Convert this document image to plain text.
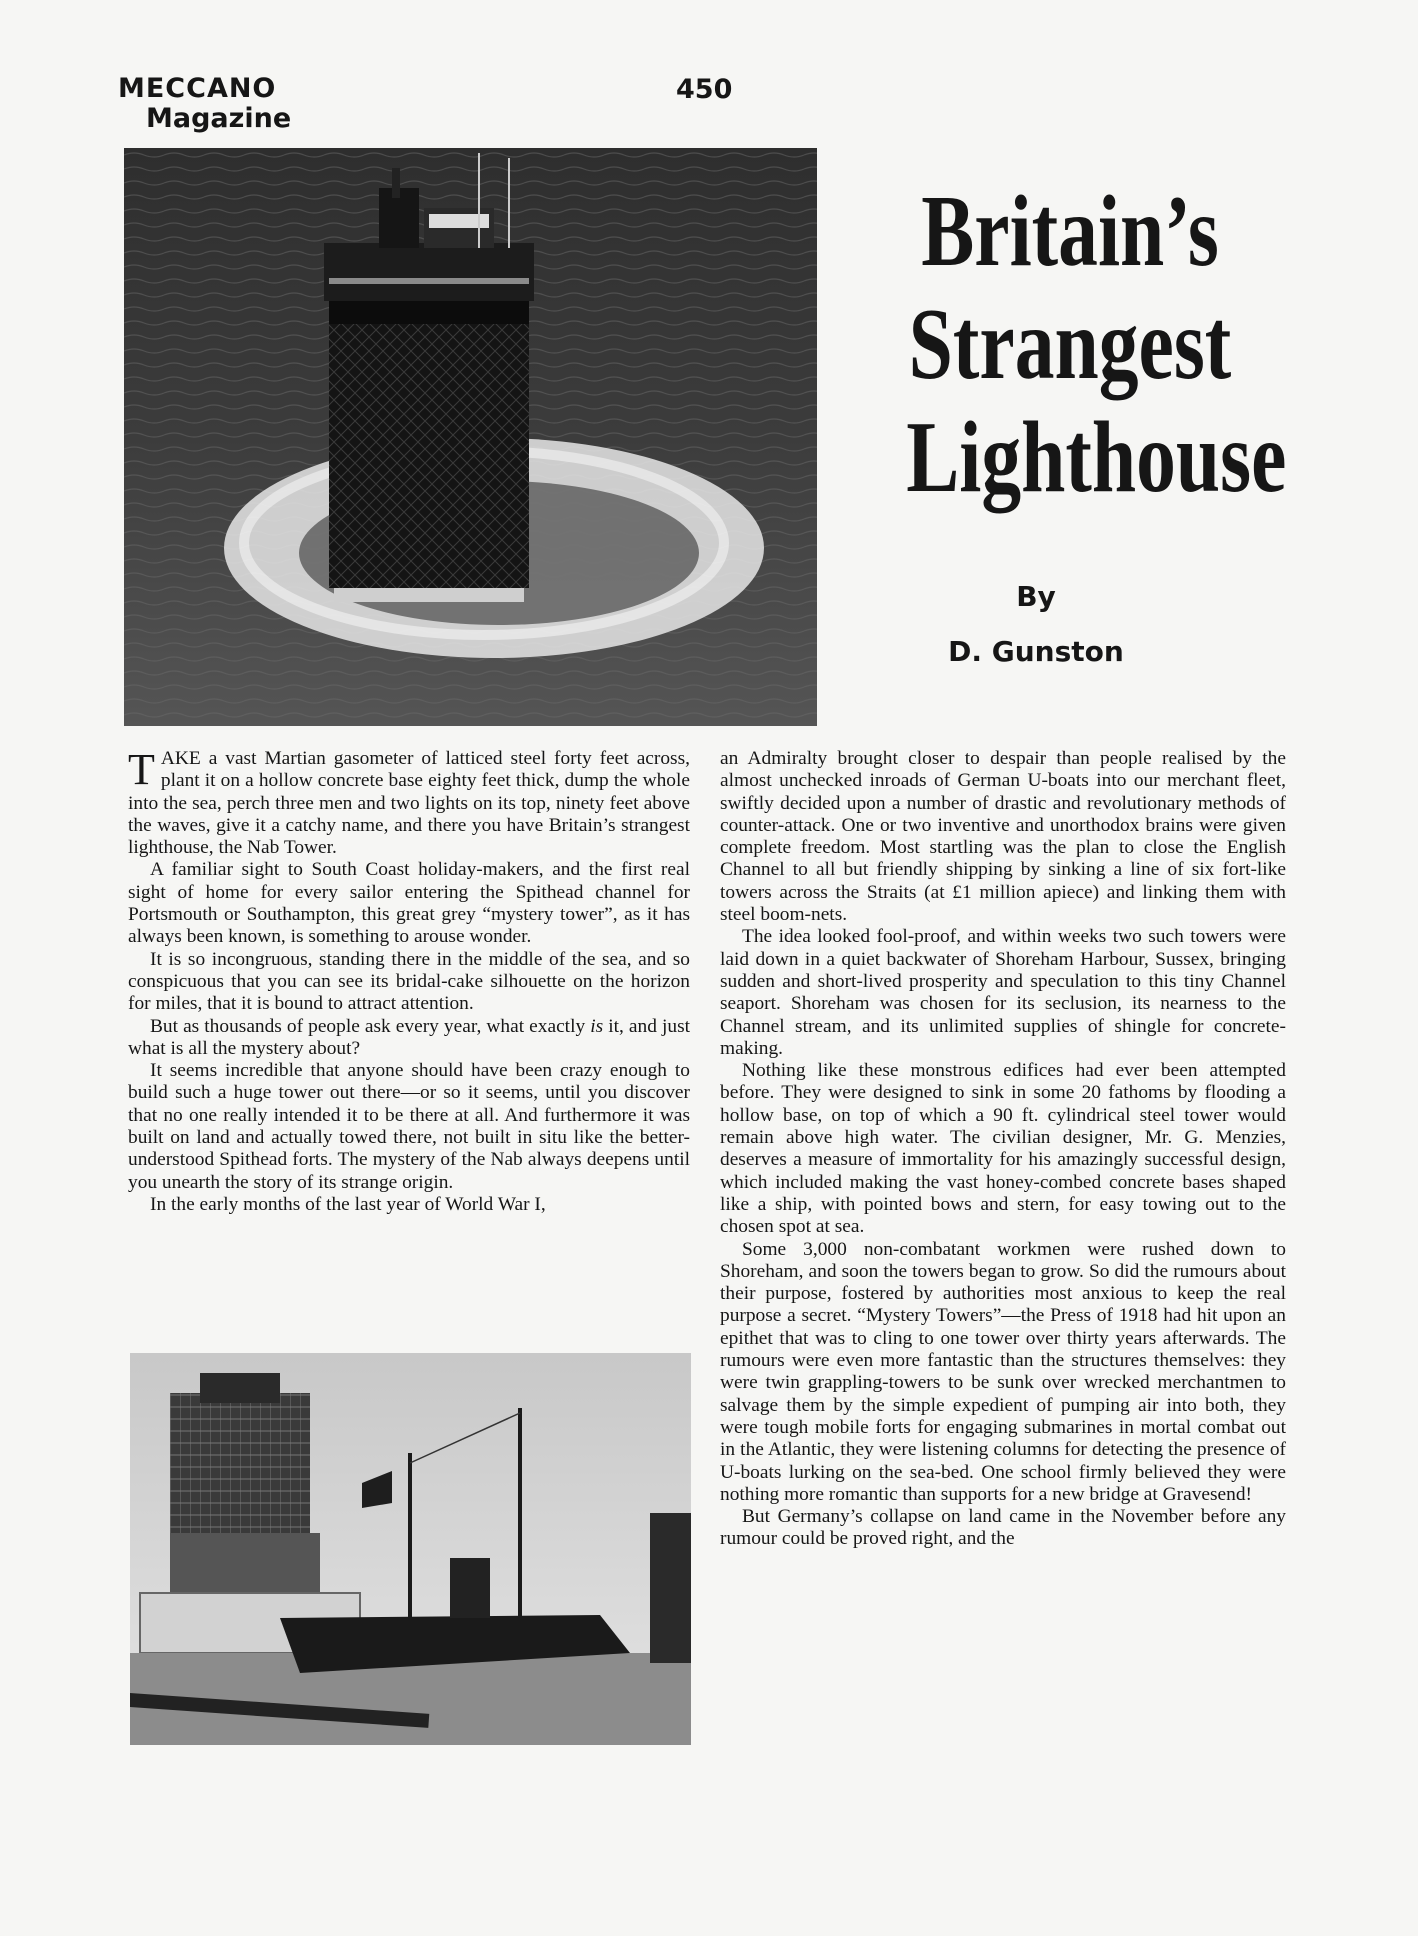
MECCANO
Magazine
450
Britain’s
Strangest
Lighthouse
By
D. Gunston

TAKE a vast Martian gasometer of latticed steel forty feet across, plant it on a hollow concrete base eighty feet thick, dump the whole into the sea, perch three men and two lights on its top, ninety feet above the waves, give it a catchy name, and there you have Britain’s strangest lighthouse, the Nab Tower.

A familiar sight to South Coast holiday-makers, and the first real sight of home for every sailor entering the Spithead channel for Portsmouth or Southampton, this great grey “mystery tower”, as it has always been known, is something to arouse wonder.

It is so incongruous, standing there in the middle of the sea, and so conspicuous that you can see its bridal-cake silhouette on the horizon for miles, that it is bound to attract attention.

But as thousands of people ask every year, what exactly is it, and just what is all the mystery about?

It seems incredible that anyone should have been crazy enough to build such a huge tower out there—or so it seems, until you discover that no one really intended it to be there at all. And furthermore it was built on land and actually towed there, not built in situ like the better-understood Spithead forts. The mystery of the Nab always deepens until you unearth the story of its strange origin.

In the early months of the last year of World War I,

an Admiralty brought closer to despair than people realised by the almost unchecked inroads of German U-boats into our merchant fleet, swiftly decided upon a number of drastic and revolutionary methods of counter-attack. One or two inventive and unorthodox brains were given complete freedom. Most startling was the plan to close the English Channel to all but friendly shipping by sinking a line of six fort-like towers across the Straits (at £1 million apiece) and linking them with steel boom-nets.

The idea looked fool-proof, and within weeks two such towers were laid down in a quiet backwater of Shoreham Harbour, Sussex, bringing sudden and short-lived prosperity and speculation to this tiny Channel seaport. Shoreham was chosen for its seclusion, its nearness to the Channel stream, and its unlimited supplies of shingle for concrete-making.

Nothing like these monstrous edifices had ever been attempted before. They were designed to sink in some 20 fathoms by flooding a hollow base, on top of which a 90 ft. cylindrical steel tower would remain above high water. The civilian designer, Mr. G. Menzies, deserves a measure of immortality for his amazingly successful design, which included making the vast honey-combed concrete bases shaped like a ship, with pointed bows and stern, for easy towing out to the chosen spot at sea.

Some 3,000 non-combatant workmen were rushed down to Shoreham, and soon the towers began to grow. So did the rumours about their purpose, fostered by authorities most anxious to keep the real purpose a secret. “Mystery Towers”—the Press of 1918 had hit upon an epithet that was to cling to one tower over thirty years afterwards. The rumours were even more fantastic than the structures themselves: they were twin grappling-towers to be sunk over wrecked merchantmen to salvage them by the simple expedient of pumping air into both, they were tough mobile forts for engaging submarines in mortal combat out in the Atlantic, they were listening columns for detecting the presence of U-boats lurking on the sea-bed. One school firmly believed they were nothing more romantic than supports for a new bridge at Gravesend!

But Germany’s collapse on land came in the November before any rumour could be proved right, and the
